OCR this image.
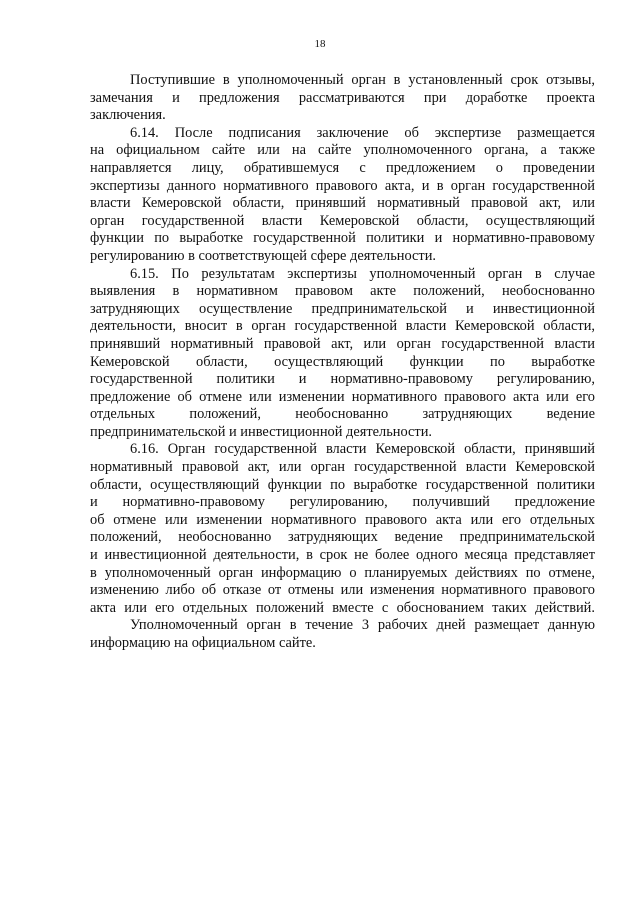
18
Поступившие в уполномоченный орган в установленный срок отзывы,
замечания и предложения рассматриваются при доработке проекта
заключения.
6.14. После подписания заключение об экспертизе размещается
на официальном сайте или на сайте уполномоченного органа, а также
направляется лицу, обратившемуся с предложением о проведении
экспертизы данного нормативного правового акта, и в орган государственной
власти Кемеровской области, принявший нормативный правовой акт, или
орган государственной власти Кемеровской области, осуществляющий
функции по выработке государственной политики и нормативно-правовому
регулированию в соответствующей сфере деятельности.
6.15. По результатам экспертизы уполномоченный орган в случае
выявления в нормативном правовом акте положений, необоснованно
затрудняющих осуществление предпринимательской и инвестиционной
деятельности, вносит в орган государственной власти Кемеровской области,
принявший нормативный правовой акт, или орган государственной власти
Кемеровской области, осуществляющий функции по выработке
государственной политики и нормативно-правовому регулированию,
предложение об отмене или изменении нормативного правового акта или его
отдельных положений, необоснованно затрудняющих ведение
предпринимательской и инвестиционной деятельности.
6.16. Орган государственной власти Кемеровской области, принявший
нормативный правовой акт, или орган государственной власти Кемеровской
области, осуществляющий функции по выработке государственной политики
и нормативно-правовому регулированию, получивший предложение
об отмене или изменении нормативного правового акта или его отдельных
положений, необоснованно затрудняющих ведение предпринимательской
и инвестиционной деятельности, в срок не более одного месяца представляет
в уполномоченный орган информацию о планируемых действиях по отмене,
изменению либо об отказе от отмены или изменения нормативного правового
акта или его отдельных положений вместе с обоснованием таких действий.
Уполномоченный орган в течение 3 рабочих дней размещает данную
информацию на официальном сайте.
